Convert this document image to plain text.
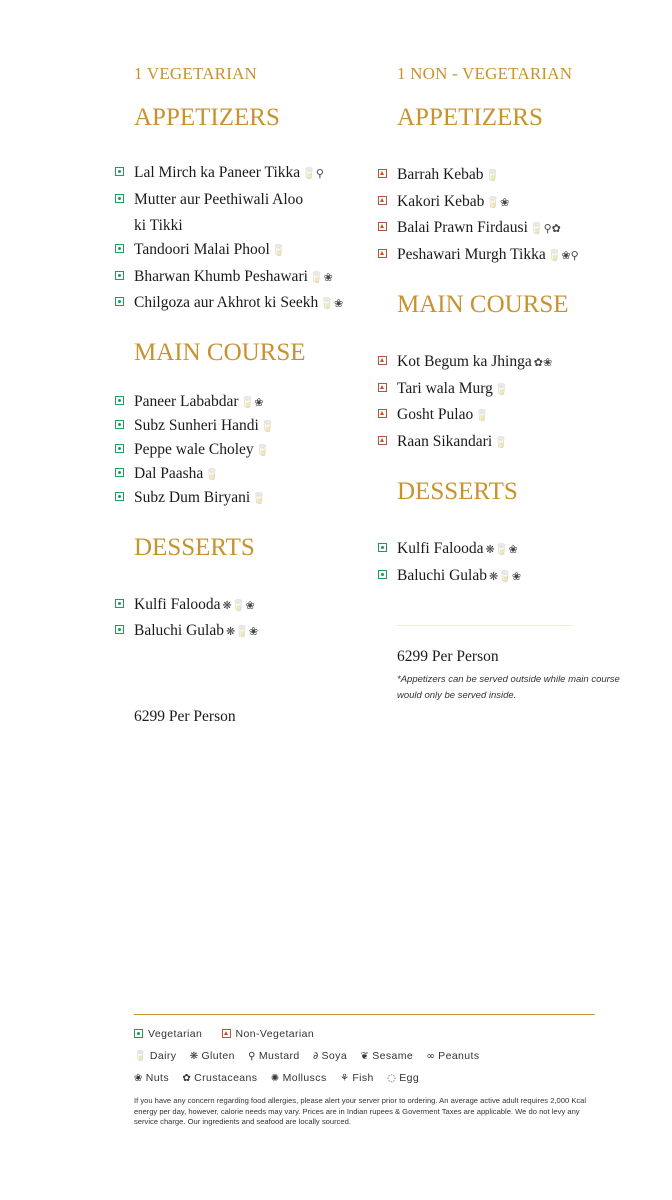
1 VEGETARIAN
APPETIZERS
Lal Mirch ka Paneer Tikka 🥛⚲
Mutter aur Peethiwali Aloo
ki Tikki
Tandoori Malai Phool 🥛
Bharwan Khumb Peshawari 🥛❀
Chilgoza aur Akhrot ki Seekh 🥛❀
MAIN COURSE
Paneer Lababdar 🥛❀
Subz Sunheri Handi 🥛
Peppe wale Choley 🥛
Dal Paasha 🥛
Subz Dum Biryani 🥛
DESSERTS
Kulfi Falooda ❋🥛❀
Baluchi Gulab ❋🥛❀
6299 Per Person
1 NON - VEGETARIAN
APPETIZERS
Barrah Kebab 🥛
Kakori Kebab 🥛❀
Balai Prawn Firdausi 🥛⚲✿
Peshawari Murgh Tikka 🥛❀⚲
MAIN COURSE
Kot Begum ka Jhinga ✿❀
Tari wala Murg 🥛
Gosht Pulao 🥛
Raan Sikandari 🥛
DESSERTS
Kulfi Falooda ❋🥛❀
Baluchi Gulab ❋🥛❀
6299 Per Person
*Appetizers can be served outside while main course would only be served inside.
Vegetarian	Non-Vegetarian
🥛 Dairy ❋ Gluten ⚲ Mustard ∂ Soya ❦ Sesame ∞ Peanuts
❀ Nuts ✿ Crustaceans ✺ Molluscs ⚘ Fish ◌ Egg
If you have any concern regarding food allergies, please alert your server prior to ordering. An average active adult requires 2,000 Kcal energy per day, however, calorie needs may vary. Prices are in Indian rupees & Goverment Taxes are applicable. We do not levy any service charge. Our ingredients and seafood are locally sourced.
